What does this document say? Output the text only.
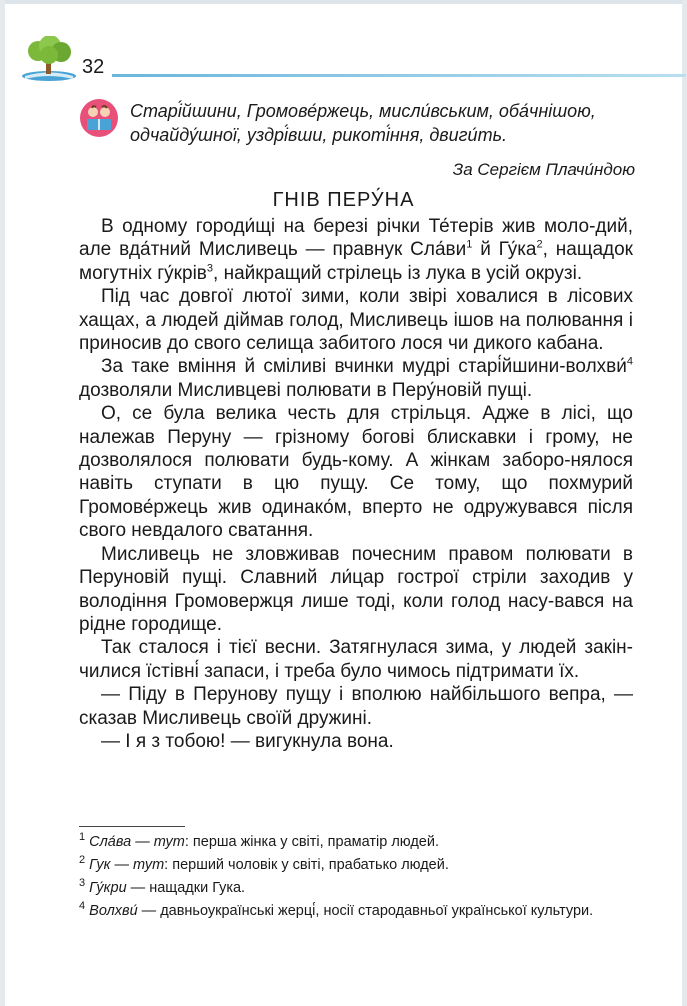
32
Старі́йшини, Громове́ржець, мисли́вським, оба́чнішою,
одчайду́шної, уздрі́вши, рикоті́ння, двиги́ть.
За Сергієм Плачи́ндою
ГНІВ ПЕРУ́НА

В одному городи́щі на березі річки Те́терів жив моло-дий, але вда́тний Мисливець — правнук $Сла́ви^1$ й $Гу́ка^2$, нащадок могутніх гу́крів$^3$, найкращий стрілець із лука в усій окрузі.

Під час довгої лютої зими, коли звірі ховалися в лісових хащах, а людей діймав голод, Мисливець ішов на полювання і приносив до свого селища забитого лося чи дикого кабана.

За таке вміння й сміливі вчинки мудрі старі́йшини-волхви́$^4$ дозволяли Мисливцеві полювати в Перу́новій пущі.

О, се була велика честь для стрільця. Адже в лісі, що належав Перуну — грізному богові блискавки і грому, не дозволялося полювати будь-кому. А жінкам заборо-нялося навіть ступати в цю пущу. Се тому, що похмурий Громове́ржець жив одинако́м, вперто не одружувався після свого невдалого сватання.

Мисливець не зловживав почесним правом полювати в Перуновій пущі. Славний ли́цар гострої стріли заходив у володіння Громовержця лише тоді, коли голод насу-вався на рідне городище.

Так сталося і тієї весни. Затягнулася зима, у людей закін-чилися їстівні́ запаси, і треба було чимось підтримати їх.

— Піду в Перунову пущу і вполюю найбільшого вепра, — сказав Мисливець своїй дружині.

— І я з тобою! — вигукнула вона.

$^1$ Сла́ва — тут: перша жінка у світі, праматір людей.

$^2$ Гук — тут: перший чоловік у світі, прабатько людей.

$^3$ Гу́кри — нащадки Гука.

$^4$ Волхви́ — давньоукраїнські жерці́, носії стародавньої української культури.
